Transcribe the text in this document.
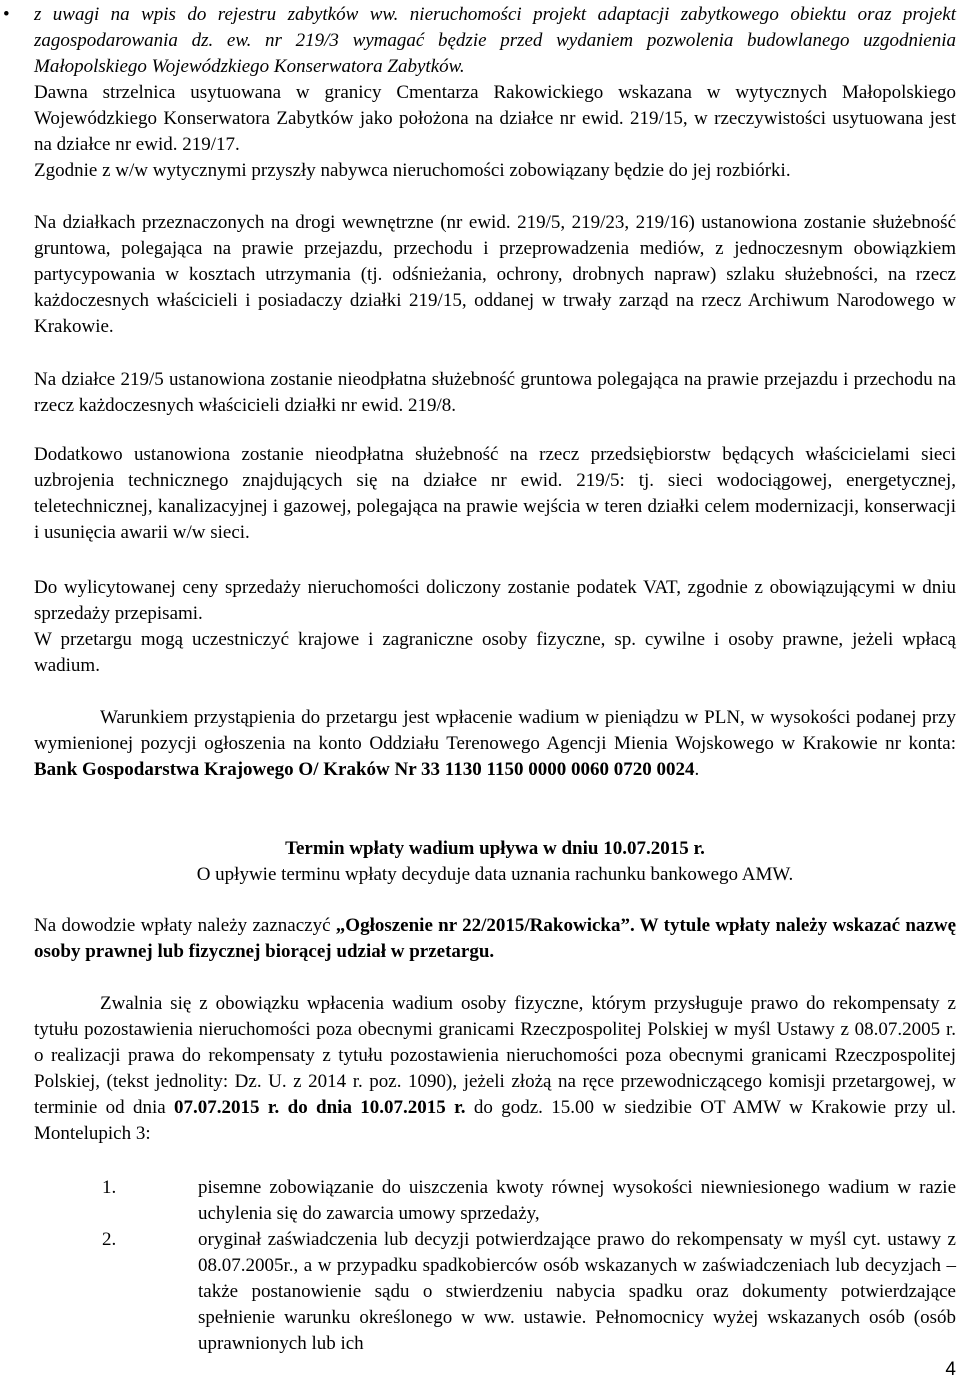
• z uwagi na wpis do rejestru zabytków ww. nieruchomości projekt adaptacji zabytkowego obiektu oraz projekt zagospodarowania dz. ew. nr 219/3 wymagać będzie przed wydaniem pozwolenia budowlanego uzgodnienia Małopolskiego Wojewódzkiego Konserwatora Zabytków.

Dawna strzelnica usytuowana w granicy Cmentarza Rakowickiego wskazana w wytycznych Małopolskiego Wojewódzkiego Konserwatora Zabytków jako położona na działce nr ewid. 219/15, w rzeczywistości usytuowana jest na działce nr ewid. 219/17.

Zgodnie z w/w wytycznymi przyszły nabywca nieruchomości zobowiązany będzie do jej rozbiórki.

Na działkach przeznaczonych na drogi wewnętrzne (nr ewid. 219/5, 219/23, 219/16) ustanowiona zostanie służebność gruntowa, polegająca na prawie przejazdu, przechodu i przeprowadzenia mediów, z jednoczesnym obowiązkiem partycypowania w kosztach utrzymania (tj. odśnieżania, ochrony, drobnych napraw) szlaku służebności, na rzecz każdoczesnych właścicieli i posiadaczy działki 219/15, oddanej w trwały zarząd na rzecz Archiwum Narodowego w Krakowie.

Na działce 219/5 ustanowiona zostanie nieodpłatna służebność gruntowa polegająca na prawie przejazdu i przechodu na rzecz każdoczesnych właścicieli działki nr ewid. 219/8.

Dodatkowo ustanowiona zostanie nieodpłatna służebność na rzecz przedsiębiorstw będących właścicielami sieci uzbrojenia technicznego znajdujących się na działce nr ewid. 219/5: tj. sieci wodociągowej, energetycznej, teletechnicznej, kanalizacyjnej i gazowej, polegająca na prawie wejścia w teren działki celem modernizacji, konserwacji i usunięcia awarii w/w sieci.

Do wylicytowanej ceny sprzedaży nieruchomości doliczony zostanie podatek VAT, zgodnie z obowiązującymi w dniu sprzedaży przepisami.

W przetargu mogą uczestniczyć krajowe i zagraniczne osoby fizyczne, sp. cywilne i osoby prawne, jeżeli wpłacą wadium.

Warunkiem przystąpienia do przetargu jest wpłacenie wadium w pieniądzu w PLN, w wysokości podanej przy wymienionej pozycji ogłoszenia na konto Oddziału Terenowego Agencji Mienia Wojskowego w Krakowie nr konta: Bank Gospodarstwa Krajowego O/ Kraków Nr 33 1130 1150 0000 0060 0720 0024.

Termin wpłaty wadium upływa w dniu 10.07.2015 r.

O upływie terminu wpłaty decyduje data uznania rachunku bankowego AMW.

Na dowodzie wpłaty należy zaznaczyć „Ogłoszenie nr 22/2015/Rakowicka”. W tytule wpłaty należy wskazać nazwę osoby prawnej lub fizycznej biorącej udział w przetargu.

Zwalnia się z obowiązku wpłacenia wadium osoby fizyczne, którym przysługuje prawo do rekompensaty z tytułu pozostawienia nieruchomości poza obecnymi granicami Rzeczpospolitej Polskiej w myśl Ustawy z 08.07.2005 r. o realizacji prawa do rekompensaty z tytułu pozostawienia nieruchomości poza obecnymi granicami Rzeczpospolitej Polskiej, (tekst jednolity: Dz. U. z 2014 r. poz. 1090), jeżeli złożą na ręce przewodniczącego komisji przetargowej, w terminie od dnia 07.07.2015 r. do dnia 10.07.2015 r. do godz. 15.00 w siedzibie OT AMW w Krakowie przy ul. Montelupich 3:

1.	pisemne zobowiązanie do uiszczenia kwoty równej wysokości niewniesionego wadium w razie uchylenia się do zawarcia umowy sprzedaży,
2.	oryginał zaświadczenia lub decyzji potwierdzające prawo do rekompensaty w myśl cyt. ustawy z 08.07.2005r., a w przypadku spadkobierców osób wskazanych w zaświadczeniach lub decyzjach – także postanowienie sądu o stwierdzeniu nabycia spadku oraz dokumenty potwierdzające spełnienie warunku określonego w ww. ustawie. Pełnomocnicy wyżej wskazanych osób (osób uprawnionych lub ich
4
